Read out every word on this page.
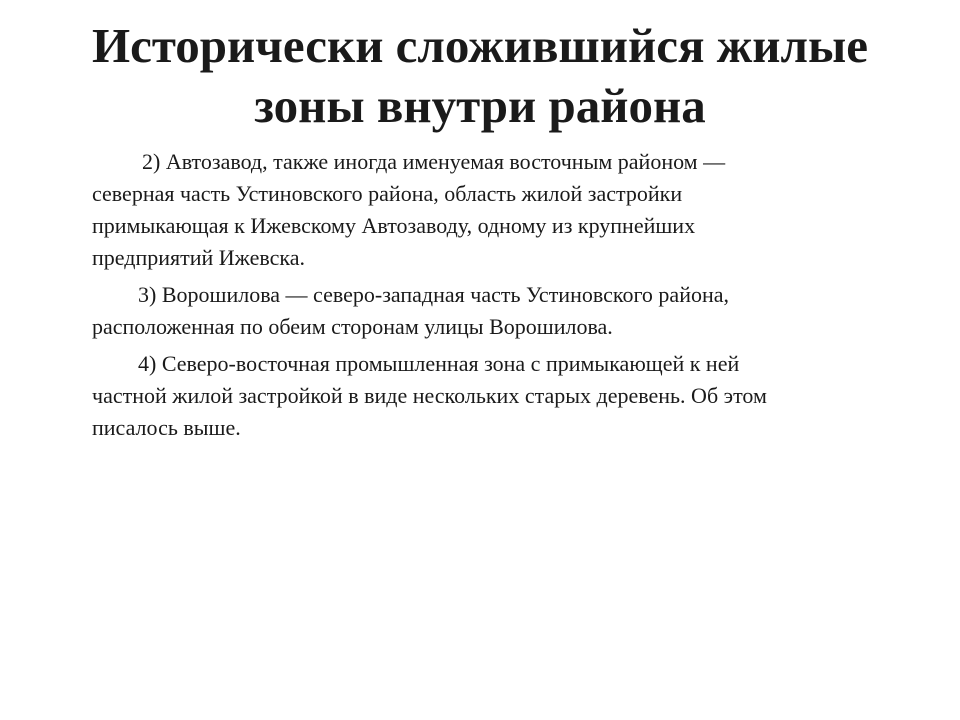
Исторически сложившийся жилые
зоны внутри района
2) Автозавод, также иногда именуемая восточным районом —
северная часть Устиновского района, область жилой застройки
примыкающая к Ижевскому Автозаводу, одному из крупнейших
предприятий Ижевска.
3) Ворошилова — северо-западная часть Устиновского района,
расположенная по обеим сторонам улицы Ворошилова.
4) Северо-восточная промышленная зона с примыкающей к ней
частной жилой застройкой в виде нескольких старых деревень. Об этом
писалось выше.
